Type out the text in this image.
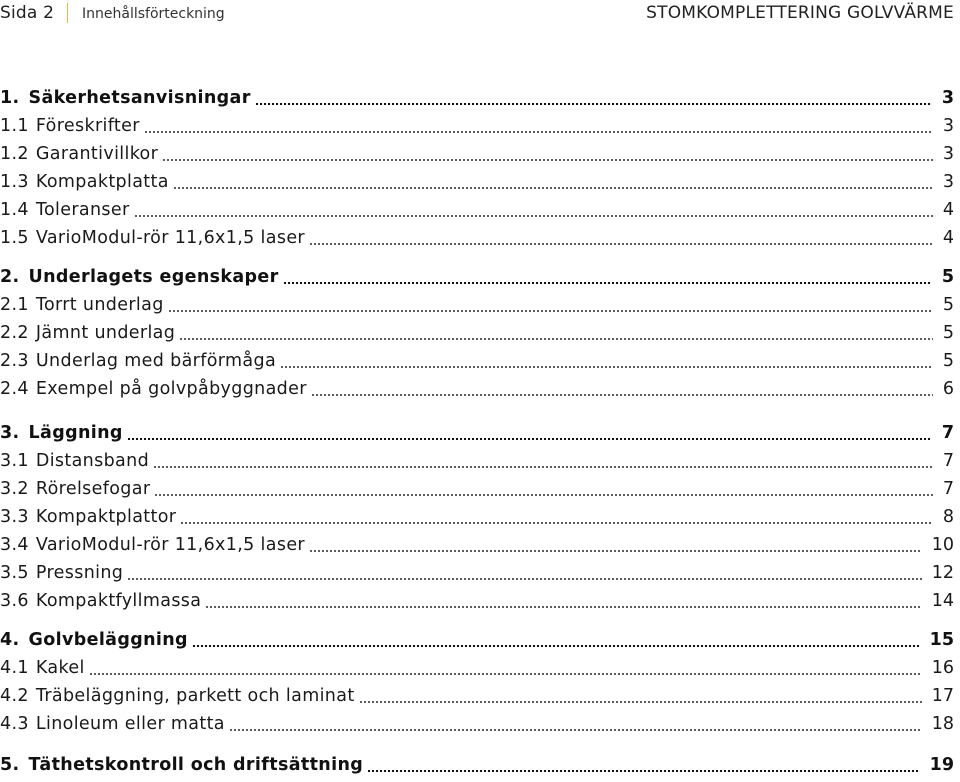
Sida 2 Innehållsförteckning	STOMKOMPLETTERING GOLVVÄRME
1. Säkerhetsanvisningar	3
1.1 Föreskrifter	3
1.2 Garantivillkor	3
1.3 Kompaktplatta	3
1.4 Toleranser	4
1.5 VarioModul-rör 11,6x1,5 laser	4
2. Underlagets egenskaper	5
2.1 Torrt underlag	5
2.2 Jämnt underlag	5
2.3 Underlag med bärförmåga	5
2.4 Exempel på golvpåbyggnader	6
3. Läggning	7
3.1 Distansband	7
3.2 Rörelsefogar	7
3.3 Kompaktplattor	8
3.4 VarioModul-rör 11,6x1,5 laser	10
3.5 Pressning	12
3.6 Kompaktfyllmassa	14
4. Golvbeläggning	15
4.1 Kakel	16
4.2 Träbeläggning, parkett och laminat	17
4.3 Linoleum eller matta	18
5. Täthetskontroll och driftsättning	19
